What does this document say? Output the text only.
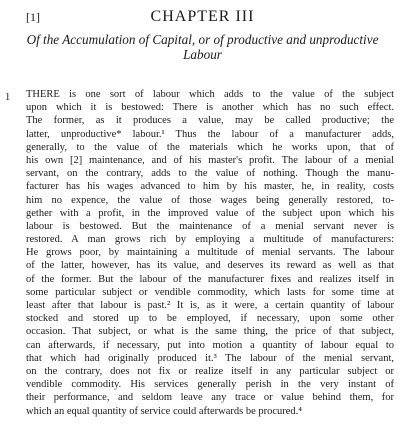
[1]	CHAPTER III
Of the Accumulation of Capital, or of productive and unproductive
Labour
1 THERE is one sort of labour which adds to the value of the subject
upon which it is bestowed: There is another which has no such effect.
The former, as it produces a value, may be called productive; the
latter, unproductive* labour.¹ Thus the labour of a manufacturer adds,
generally, to the value of the materials which he works upon, that of
his own [2] maintenance, and of his master's profit. The labour of a menial
servant, on the contrary, adds to the value of nothing. Though the manu-
facturer has his wages advanced to him by his master, he, in reality, costs
him no expence, the value of those wages being generally restored, to-
gether with a profit, in the improved value of the subject upon which his
labour is bestowed. But the maintenance of a menial servant never is
restored. A man grows rich by employing a multitude of manufacturers:
He grows poor, by maintaining a multitude of menial servants. The labour
of the latter, however, has its value, and deserves its reward as well as that
of the former. But the labour of the manufacturer fixes and realizes itself in
some particular subject or vendible commodity, which lasts for some time at
least after that labour is past.² It is, as it were, a certain quantity of labour
stocked and stored up to be employed, if necessary, upon some other
occasion. That subject, or what is the same thing, the price of that subject,
can afterwards, if necessary, put into motion a quantity of labour equal to
that which had originally produced it.³ The labour of the menial servant,
on the contrary, does not fix or realize itself in any particular subject or
vendible commodity. His services generally perish in the very instant of
their performance, and seldom leave any trace or value behind them, for
which an equal quantity of service could afterwards be procured.⁴
